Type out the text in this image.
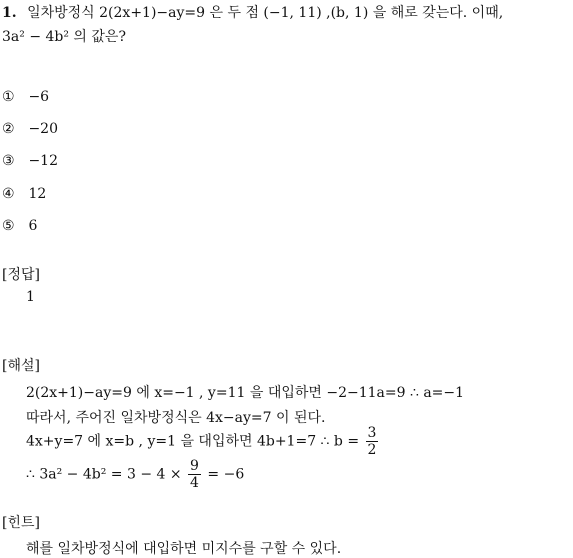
1. 일차방정식 2(2x+1)−ay=9 은 두 점 (−1, 11) ,(b, 1) 을 해로 갖는다. 이때,
3a² − 4b² 의 값은?
① −6
② −20
③ −12
④ 12
⑤ 6
[정답]
1
[해설]
2(2x+1)−ay=9 에 x=−1 , y=11 을 대입하면 −2−11a=9 ∴ a=−1
따라서, 주어진 일차방정식은 4x−ay=7 이 된다.
4x+y=7 에 x=b , y=1 을 대입하면 4b+1=7 ∴ $b = \frac{3}{2}$
∴ $3a^2 - 4b^2 = 3 - 4 \times \frac{9}{4} = -6$
[힌트]
해를 일차방정식에 대입하면 미지수를 구할 수 있다.
